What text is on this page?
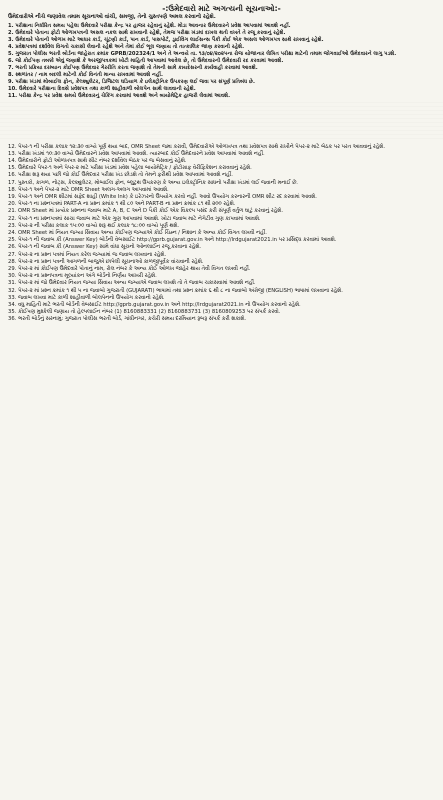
-:ઉમેદવારો માટે અગત્યની સૂચનાઓ:-
ઉમેદવારોએ નીચે જણાવેલ તમામ સૂચનાઓ વાંચી, સમજી, તેનો ચુસ્તપણે અમલ કરવાનો રહેશે.
1. પરીક્ષાના નિર્ધારિત સમય પહેલા ઉમેદવારે પરીક્ષા કેન્દ્ર પર હાજર રહેવાનું રહેશે. મોડા આવનાર ઉમેદવારને પ્રવેશ આપવામાં આવશે નહીં.
2. ઉમેદવારે પોતાના ફોટો ઓળખપત્રની અસલ નકલ સાથે રાખવાની રહેશે, તેમજ પરીક્ષા ખંડમાં દાખલ થતી વખતે તે રજૂ કરવાનું રહેશે.
3. ઉમેદવારે પોતાની ઓળખ માટે આધાર કાર્ડ, ચૂંટણી કાર્ડ, પાન કાર્ડ, પાસપોર્ટ, ડ્રાઈવિંગ લાઈસન્સ પૈકી કોઈ એક અસલ ઓળખપત્ર સાથે રાખવાનું રહેશે.
4. પ્રવેશપત્રમાં દર્શાવેલ વિગતો ચકાસી લેવાની રહેશે અને તેમાં કોઈ ભૂલ જણાય તો તાત્કાલિક જાણ કરવાની રહેશે.
5. ગુજરાત પોલીસ ભરતી બોર્ડના જાહેરાત ક્રમાંક GPRB/202324/1 અને તે અન્વયે તા. ૧૩/૦૪/૨૦૨૫ના રોજ યોજાનાર લેખિત પરીક્ષા માટેની તમામ જોગવાઈઓ ઉમેદવારને લાગુ પડશે.
6. જો કોઈપણ તબક્કે એવું જણાશે કે અરજીપત્રકમાં ખોટી માહિતી આપવામાં આવેલ છે, તો ઉમેદવારની ઉમેદવારી રદ કરવામાં આવશે.
7. ભરતી પ્રક્રિયા દરમ્યાન કોઈપણ ઉમેદવાર ગેરરીતિ કરતા જણાશે તો તેમની સામે કાયદેસરની કાર્યવાહી કરવામાં આવશે.
8. સ્થળાંતર / નામ બદલી માટેની કોઈ વિનંતી માન્ય રાખવામાં આવશે નહીં.
9. પરીક્ષા ખંડમાં મોબાઈલ ફોન, કેલ્ક્યુલેટર, ડિજિટલ ઘડિયાળ કે ઇલેક્ટ્રોનિક ઉપકરણ લઈ જવા પર સંપૂર્ણ પ્રતિબંધ છે.
10. ઉમેદવારે પરીક્ષાના દિવસે પ્રવેશપત્ર તથા કાળી શાહીવાળી બોલપેન સાથે લાવવાની રહેશે.
11. પરીક્ષા કેન્દ્ર પર પ્રવેશ સમયે ઉમેદવારનું ચેકિંગ કરવામાં આવશે અને બાયોમેટ્રિક હાજરી લેવામાં આવશે.
12. પેપર-૧ ની પરીક્ષા કલાક ૧૨:૩૦ વાગ્યે પૂર્ણ થયા બાદ, OMR Sheet જમા કરાવી, ઉમેદવારોએ ઓળખપત્ર તથા પ્રવેશપત્ર સાથે રાખીને પેપર-૨ માટે બેઠક પર પરત આવવાનું રહેશે.
13. પરીક્ષા ખંડમાં ૧૦:૩૦ વાગ્યે ઉમેદવારને પ્રવેશ આપવામાં આવશે. ત્યારબાદ કોઈ ઉમેદવારને પ્રવેશ આપવામાં આવશે નહીં.
14. ઉમેદવારોને ફોટો ઓળખપત્ર સાથે સીટ નંબર દર્શાવેલ બેઠક પર જ બેસવાનું રહેશે.
15. ઉમેદવારે પેપર-૧ અને પેપર-૨ માટે પરીક્ષા ખંડમાં પ્રવેશ પહેલા બાયોમેટ્રિક / ફોટોગ્રાફ વેરીફિકેશન કરાવવાનું રહેશે.
16. પરીક્ષા શરૂ થયા પછી જો કોઈ ઉમેદવાર પરીક્ષા ખંડ છોડશે તો તેમને ફરીથી પ્રવેશ આપવામાં આવશે નહીં.
17. પુસ્તકો, કાગળ, નોટ્સ, કેલ્ક્યુલેટર, મોબાઈલ ફોન, બ્લુટુથ ઉપકરણ કે અન્ય ઇલેક્ટ્રોનિક સાધનો પરીક્ષા ખંડમાં લઈ જવાની મનાઈ છે.
18. પેપર-૧ અને પેપર-૨ માટે OMR Sheet અલગ-અલગ આપવામાં આવશે.
19. પેપર-૧ અને OMR શીટમાં સફેદ શાહી (White Ink) કે ઇરેઝરનો ઉપયોગ કરવો નહીં. આવો ઉપયોગ કરનારની OMR શીટ રદ કરવામાં આવશે.
20. પેપર-૧ ના પ્રશ્નપત્રમાં PART-A ના પ્રશ્ન ક્રમાંક ૧ થી ૮૦ અને PART-B ના પ્રશ્ન ક્રમાંક ૮૧ થી ૨૦૦ રહેશે.
21. OMR Sheet માં પ્રત્યેક પ્રશ્નના જવાબ માટે A, B, C અને D પૈકી કોઈ એક વિકલ્પ પસંદ કરી સંપૂર્ણ વર્તુળ ઘાટું કરવાનું રહેશે.
22. પેપર-૧ ના પ્રશ્નપત્રમાં સાચા જવાબ માટે એક ગુણ આપવામાં આવશે. ખોટા જવાબ માટે નેગેટીવ ગુણ કાપવામાં આવશે.
23. પેપર-૨ ની પરીક્ષા કલાક ૧૫:૦૦ વાગ્યે શરૂ થઈ કલાક ૧૮:૦૦ વાગ્યે પૂર્ણ થશે.
24. OMR Sheet માં નિયત જગ્યા સિવાય અન્ય કોઈપણ જગ્યાએ કોઈ ચિહ્ન / નિશાન કે અન્ય કોઈ વિગત લખવી નહીં.
25. પેપર-૧ ની જવાબ કી (Answer Key) બોર્ડની વેબસાઈટ http://gprb.gujarat.gov.in અને http://lrdgujarat2021.in પર પ્રસિદ્ધ કરવામાં આવશે.
26. પેપર-૧ ની જવાબ કી (Answer Key) સામે વાંધા સૂચનો ઓનલાઈન રજૂ કરવાના રહેશે.
27. પેપર-૨ ના પ્રશ્ન પત્રમાં નિયત કરેલ જગ્યામાં જ જવાબ લખવાના રહેશે.
28. પેપર-૨ ના પ્રશ્ન પત્રની આગળની બાજુએ છાપેલી સૂચનાઓ કાળજીપૂર્વક વાંચવાની રહેશે.
29. પેપર-૨ માં કોઈપણ ઉમેદવારે પોતાનું નામ, રોલ નંબર કે અન્ય કોઈ ઓળખ જાહેર થાય તેવી વિગત લખવી નહીં.
30. પેપર-૨ ના પ્રશ્નપત્રના મૂલ્યાંકન અંગે બોર્ડનો નિર્ણય આખરી રહેશે.
31. પેપર-૨ માં જો ઉમેદવાર નિયત જગ્યા સિવાય અન્ય જગ્યાએ જવાબ લખશે તો તે જવાબ ચકાસવામાં આવશે નહીં.
32. પેપર-૨ માં પ્રશ્ન ક્રમાંક ૧ થી ૫ ના જવાબો ગુજરાતી (GUJARATI) ભાષામાં તથા પ્રશ્ન ક્રમાંક ૬ થી ૮ ના જવાબો અંગ્રેજી (ENGLISH) ભાષામાં લખવાના રહેશે.
33. જવાબ લખવા માટે કાળી શાહીવાળી બોલપેનનો ઉપયોગ કરવાનો રહેશે.
34. વધુ માહિતી માટે ભરતી બોર્ડની વેબસાઈટ http://gprb.gujarat.gov.in અને http://lrdgujarat2021.in નો ઉપયોગ કરવાનો રહેશે.
35. કોઈપણ મુશ્કેલી જણાય તો હેલ્પલાઈન નંબર (1) 8160883331 (2) 8160883731 (3) 8160809253 પર સંપર્ક કરવો.
36. ભરતી બોર્ડનું સરનામું: ગુજરાત પોલીસ ભરતી બોર્ડ, ગાંધીનગર, કચેરી સમય દરમિયાન રૂબરૂ સંપર્ક કરી શકાશે.
